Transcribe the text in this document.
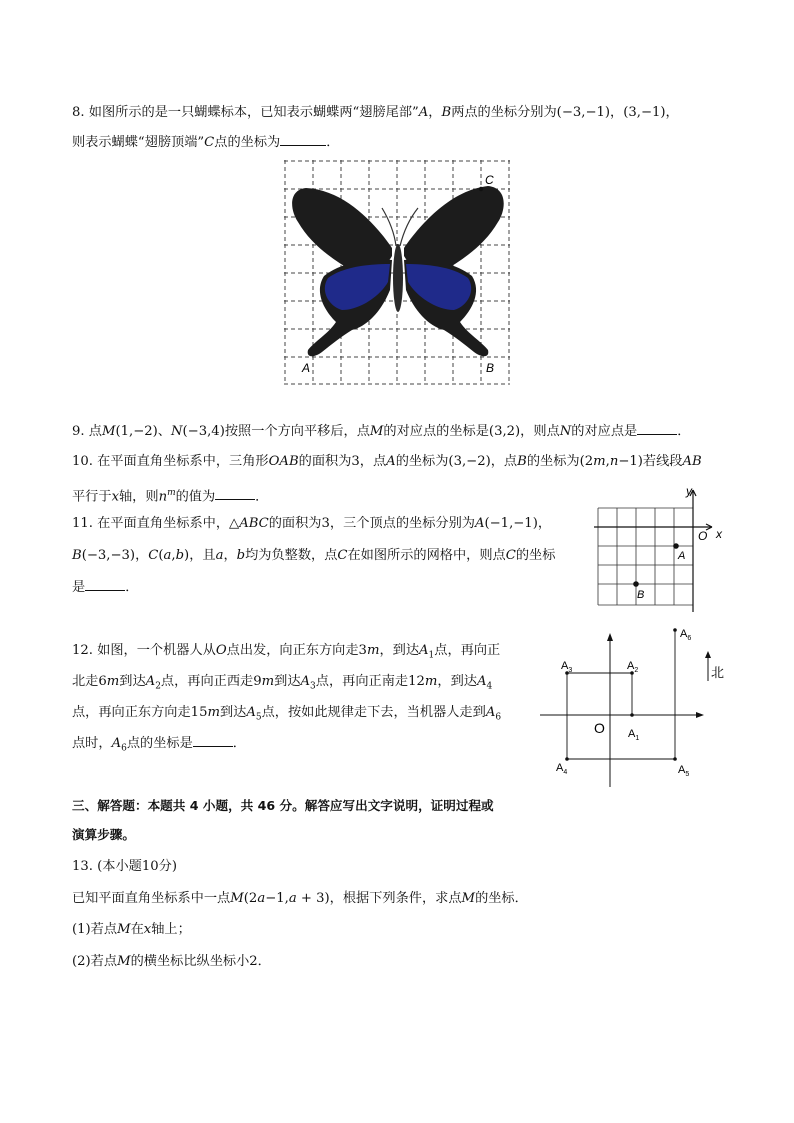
8. 如图所示的是一只蝴蝶标本，已知表示蝴蝶两“翅膀尾部”A，B两点的坐标分别为(−3,−1)，(3,−1)，
则表示蝴蝶“翅膀顶端”C点的坐标为	．
C
A	B
9. 点M(1,−2)、N(−3,4)按照一个方向平移后，点M的对应点的坐标是(3,2)，则点N的对应点是	．
10. 在平面直角坐标系中，三角形OAB的面积为3，点A的坐标为(3,−2)，点B的坐标为(2m,n−1)若线段AB
平行于x轴，则$n^m$的值为	．
11. 在平面直角坐标系中，△ABC的面积为3，三个顶点的坐标分别为A(−1,−1)，
B(−3,−3)，C(a,b)，且a，b均为负整数，点C在如图所示的网格中，则点C的坐标
是	．
y
x
O
A
B
12. 如图，一个机器人从O点出发，向正东方向走3m，到达$A_1$点，再向正
北走6m到达$A_2$点，再向正西走9m到达$A_3$点，再向正南走12m，到达$A_4$
点，再向正东方向走15m到达$A_5$点，按如此规律走下去，当机器人走到$A_6$
点时，$A_6$点的坐标是	．
O $A_1$
$A_2$
$A_3$
$A_4$	$A_5$
$A_6$
北
三、解答题：本题共 4 小题，共 46 分。解答应写出文字说明，证明过程或
演算步骤。
13. (本小题10分)
已知平面直角坐标系中一点M(2a−1,a + 3)，根据下列条件，求点M的坐标．
(1)若点M在x轴上；
(2)若点M的横坐标比纵坐标小2．
